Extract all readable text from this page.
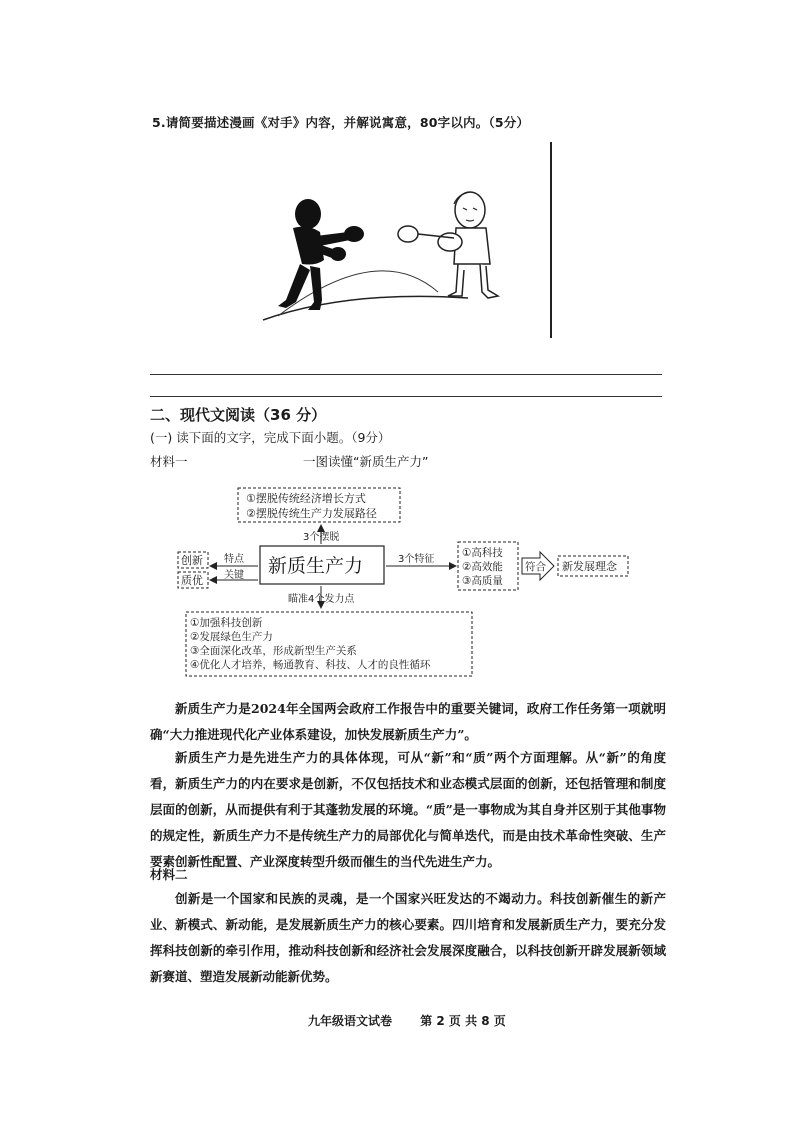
5.请简要描述漫画《对手》内容，并解说寓意，80字以内。（5分）
二、现代文阅读（36 分）
(一) 读下面的文字，完成下面小题。（9分）
材料一	一图读懂“新质生产力”
①摆脱传统经济增长方式
②摆脱传统生产力发展路径
3个摆脱
新质生产力
创新
质优
特点
关键
3个特征
①高科技
②高效能
③高质量
符合 新发展理念
瞄准4个发力点
①加强科技创新
②发展绿色生产力
③全面深化改革，形成新型生产关系
④优化人才培养，畅通教育、科技、人才的良性循环
新质生产力是2024年全国两会政府工作报告中的重要关键词，政府工作任务第一项就明确“大力推进现代化产业体系建设，加快发展新质生产力”。
新质生产力是先进生产力的具体体现，可从“新”和“质”两个方面理解。从“新”的角度看，新质生产力的内在要求是创新，不仅包括技术和业态模式层面的创新，还包括管理和制度层面的创新，从而提供有利于其蓬勃发展的环境。“质”是一事物成为其自身并区别于其他事物的规定性，新质生产力不是传统生产力的局部优化与简单迭代，而是由技术革命性突破、生产要素创新性配置、产业深度转型升级而催生的当代先进生产力。
材料二
创新是一个国家和民族的灵魂，是一个国家兴旺发达的不竭动力。科技创新催生的新产业、新模式、新动能，是发展新质生产力的核心要素。四川培育和发展新质生产力，要充分发挥科技创新的牵引作用，推动科技创新和经济社会发展深度融合，以科技创新开辟发展新领域新赛道、塑造发展新动能新优势。
九年级语文试卷 第 2 页 共 8 页
